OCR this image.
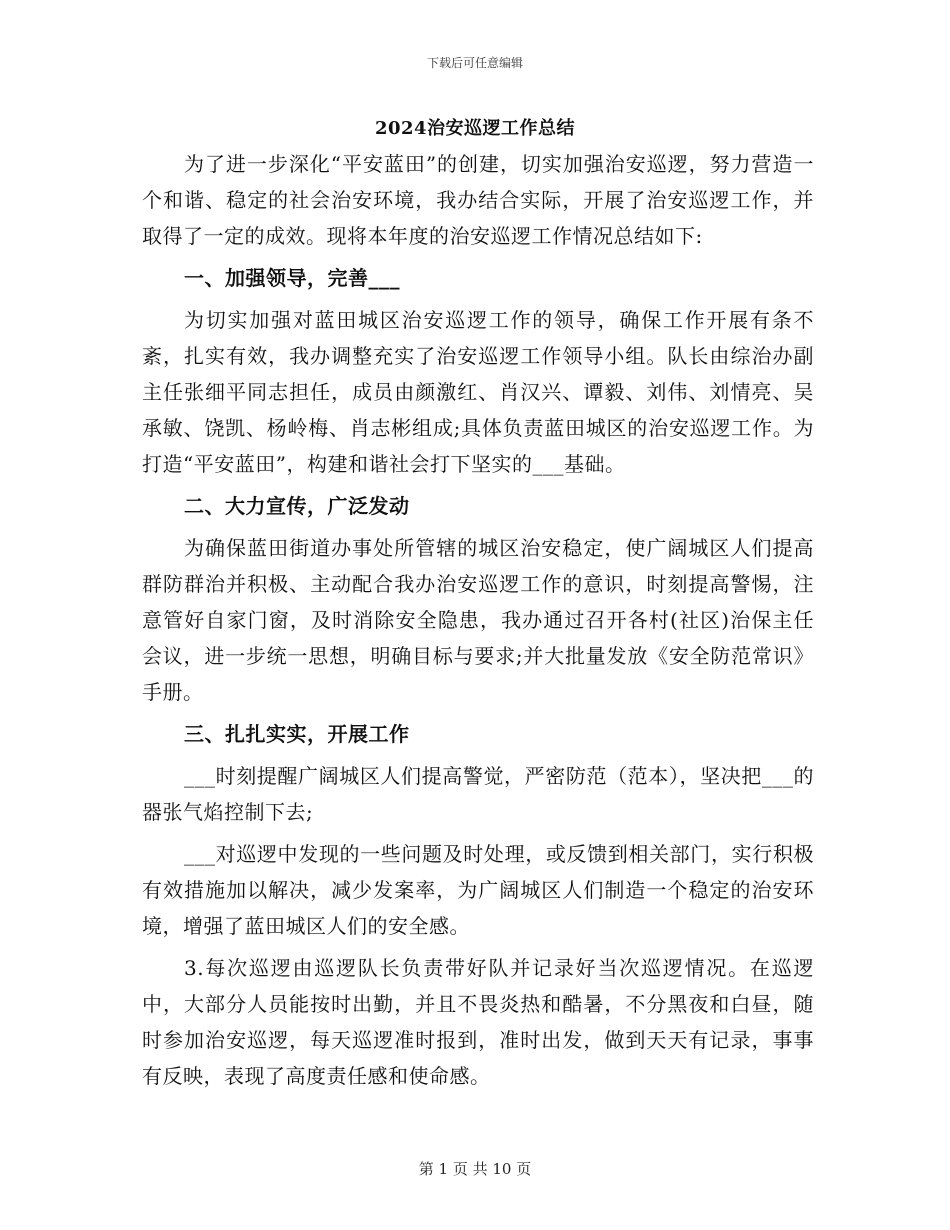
下载后可任意编辑
2024治安巡逻工作总结

为了进一步深化“平安蓝田”的创建，切实加强治安巡逻，努力营造一个和谐、稳定的社会治安环境，我办结合实际，开展了治安巡逻工作，并取得了一定的成效。现将本年度的治安巡逻工作情况总结如下:

一、加强领导，完善___

为切实加强对蓝田城区治安巡逻工作的领导，确保工作开展有条不紊，扎实有效，我办调整充实了治安巡逻工作领导小组。队长由综治办副主任张细平同志担任，成员由颜激红、肖汉兴、谭毅、刘伟、刘情亮、吴承敏、饶凯、杨岭梅、肖志彬组成;具体负责蓝田城区的治安巡逻工作。为打造“平安蓝田”，构建和谐社会打下坚实的___基础。

二、大力宣传，广泛发动

为确保蓝田街道办事处所管辖的城区治安稳定，使广阔城区人们提高群防群治并积极、主动配合我办治安巡逻工作的意识，时刻提高警惕，注意管好自家门窗，及时消除安全隐患，我办通过召开各村(社区)治保主任会议，进一步统一思想，明确目标与要求;并大批量发放《安全防范常识》手册。

三、扎扎实实，开展工作

___时刻提醒广阔城区人们提高警觉，严密防范（范本），坚决把___的器张气焰控制下去;

___对巡逻中发现的一些问题及时处理，或反馈到相关部门，实行积极有效措施加以解决，减少发案率，为广阔城区人们制造一个稳定的治安环境，增强了蓝田城区人们的安全感。

3.每次巡逻由巡逻队长负责带好队并记录好当次巡逻情况。在巡逻中，大部分人员能按时出勤，并且不畏炎热和酷暑，不分黑夜和白昼，随时参加治安巡逻，每天巡逻准时报到，准时出发，做到天天有记录，事事有反映，表现了高度责任感和使命感。

第 1 页 共 10 页
